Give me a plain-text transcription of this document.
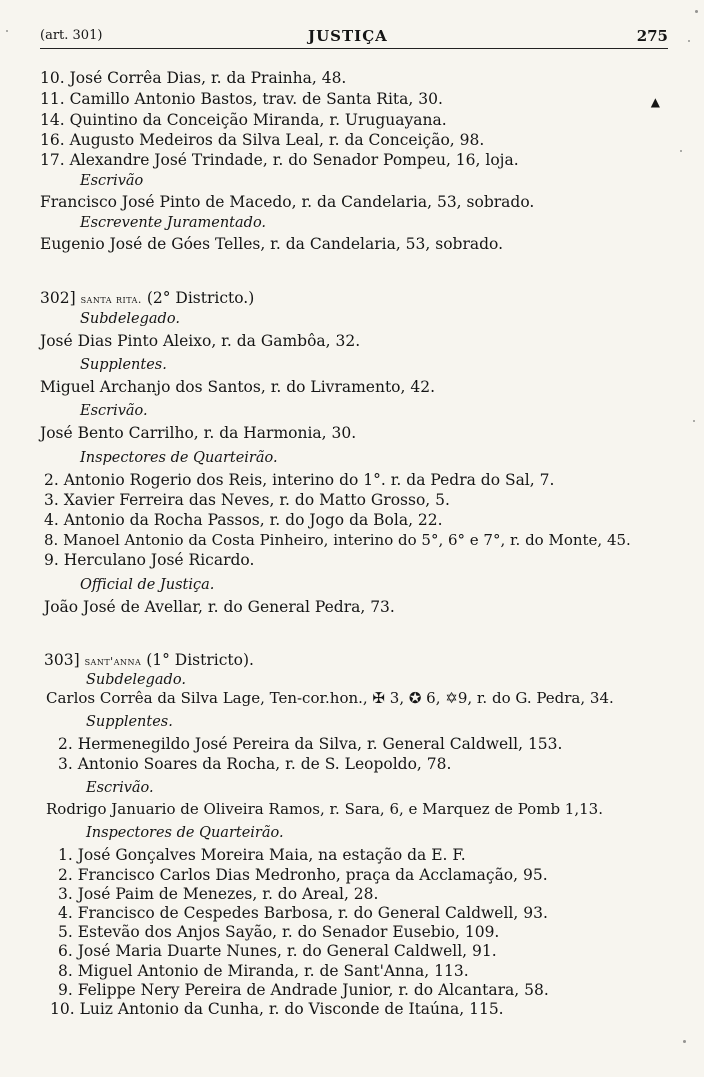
(art. 301)	JUSTIÇA	275
10. José Corrêa Dias, r. da Prainha, 48.
11. Camillo Antonio Bastos, trav. de Santa Rita, 30.
14. Quintino da Conceição Miranda, r. Uruguayana.
16. Augusto Medeiros da Silva Leal, r. da Conceição, 98.
17. Alexandre José Trindade, r. do Senador Pompeu, 16, loja.
Escrivão
Francisco José Pinto de Macedo, r. da Candelaria, 53, sobrado.
Escrevente Juramentado.
Eugenio José de Góes Telles, r. da Candelaria, 53, sobrado.
302] santa rita. (2° Districto.)
Subdelegado.
José Dias Pinto Aleixo, r. da Gambôa, 32.
Supplentes.
Miguel Archanjo dos Santos, r. do Livramento, 42.
Escrivão.
José Bento Carrilho, r. da Harmonia, 30.
Inspectores de Quarteirão.
2. Antonio Rogerio dos Reis, interino do 1°. r. da Pedra do Sal, 7.
3. Xavier Ferreira das Neves, r. do Matto Grosso, 5.
4. Antonio da Rocha Passos, r. do Jogo da Bola, 22.
8. Manoel Antonio da Costa Pinheiro, interino do 5°, 6° e 7°, r. do Monte, 45.
9. Herculano José Ricardo.
Official de Justiça.
João José de Avellar, r. do General Pedra, 73.
303] sant'anna (1° Districto).
Subdelegado.
Carlos Corrêa da Silva Lage, Ten-cor.hon., ✠ 3, ✪ 6, ✡9, r. do G. Pedra, 34.
Supplentes.
2. Hermenegildo José Pereira da Silva, r. General Caldwell, 153.
3. Antonio Soares da Rocha, r. de S. Leopoldo, 78.
Escrivão.
Rodrigo Januario de Oliveira Ramos, r. Sara, 6, e Marquez de Pomb 1,13.
Inspectores de Quarteirão.
1. José Gonçalves Moreira Maia, na estação da E. F.
2. Francisco Carlos Dias Medronho, praça da Acclamação, 95.
3. José Paim de Menezes, r. do Areal, 28.
4. Francisco de Cespedes Barbosa, r. do General Caldwell, 93.
5. Estevão dos Anjos Sayão, r. do Senador Eusebio, 109.
6. José Maria Duarte Nunes, r. do General Caldwell, 91.
8. Miguel Antonio de Miranda, r. de Sant'Anna, 113.
9. Felippe Nery Pereira de Andrade Junior, r. do Alcantara, 58.
10. Luiz Antonio da Cunha, r. do Visconde de Itaúna, 115.
▲
